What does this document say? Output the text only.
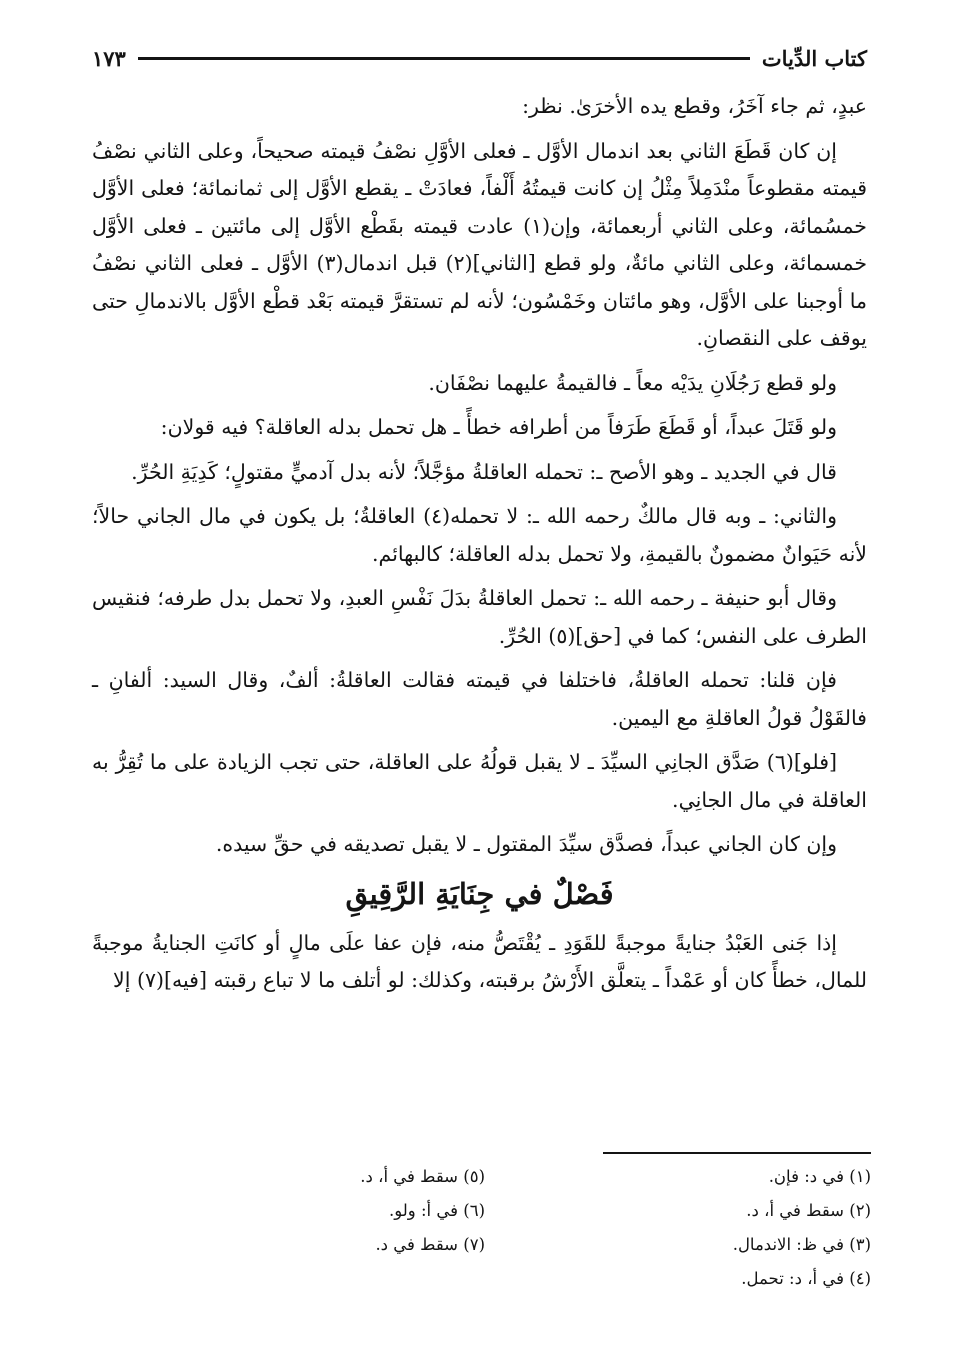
كتاب الدِّيات
١٧٣

عبدٍ، ثم جاء آخَرُ، وقطع يده الأخرَىٰ. نظر:

إن كان قَطَعَ الثاني بعد اندمال الأوَّل ـ فعلى الأوَّلِ نصْفُ قيمته صحيحاً، وعلى الثاني نصْفُ قيمته مقطوعاً منْدَمِلاً مِثْلُ إن كانت قيمتُهُ أَلْفاً، فعادَتْ ـ يقطع الأوَّل إلى ثمانمائة؛ فعلى الأوَّل خمسُمائة، وعلى الثاني أربعمائة، وإن(١) عادت قيمته بقَطْع الأوَّل إلى مائتين ـ فعلى الأوَّل خمسمائة، وعلى الثاني مائةٌ، ولو قطع [الثاني](٢) قبل اندمال(٣) الأوَّل ـ فعلى الثاني نصْفُ ما أوجبنا على الأوَّل، وهو مائتان وخَمْسُون؛ لأنه لم تستقرَّ قيمته بَعْد قطْع الأوَّل بالاندمالِ حتى يوقف على النقصانِ.

ولو قطع رَجُلَانِ يدَيْه معاً ـ فالقيمةُ عليهما نصْفَان.

ولو قَتَلَ عبداً، أو قَطَعَ طَرَفاً من أطرافه خطأً ـ هل تحمل بدله العاقلة؟ فيه قولان:

قال في الجديد ـ وهو الأصح ـ: تحمله العاقلةُ مؤجَّلاً؛ لأنه بدل آدميٍّ مقتولٍ؛ كَدِيَةِ الحُرِّ.

والثاني: ـ وبه قال مالكٌ رحمه الله ـ: لا تحمله(٤) العاقلةُ؛ بل يكون في مال الجاني حالاً؛ لأنه حَيَوانٌ مضمونٌ بالقيمةِ، ولا تحمل بدله العاقلة؛ كالبهائم.

وقال أبو حنيفة ـ رحمه الله ـ: تحمل العاقلةُ بدَلَ نَفْسِ العبدِ، ولا تحمل بدل طرفه؛ فنقيس الطرف على النفس؛ كما في [حق](٥) الحُرِّ.

فإن قلنا: تحمله العاقلةُ، فاختلفا في قيمته فقالت العاقلةُ: ألفٌ، وقال السيد: ألفانِ ـ فالقَوْلُ قولُ العاقلةِ مع اليمين.

[فلو](٦) صَدَّق الجانِي السيِّدَ ـ لا يقبل قولُهُ على العاقلة، حتى تجب الزيادة على ما تُقِرُّ به العاقلة في مال الجانِي.

وإن كان الجاني عبداً، فصدَّق سيِّدَ المقتول ـ لا يقبل تصديقه في حقِّ سيده.

فَصْلٌ في جِنَايَةِ الرَّقِيقِ

إذا جَنى العَبْدُ جنايةً موجبةً للقَوَدِ ـ يُقْتَصُّ منه، فإن عفا علَى مالٍ أو كانَتِ الجنايةُ موجبةً للمال، خطأً كان أو عَمْداً ـ يتعلَّق الأَرْشُ برقبته، وكذلك: لو أتلف ما لا تباع رقبته [فيه](٧) إلا

(١) في د: فإن.
(٢) سقط في أ، د.
(٣) في ظ: الاندمال.
(٤) في أ، د: تحمل.
(٥) سقط في أ، د.
(٦) في أ: ولو.
(٧) سقط في د.
